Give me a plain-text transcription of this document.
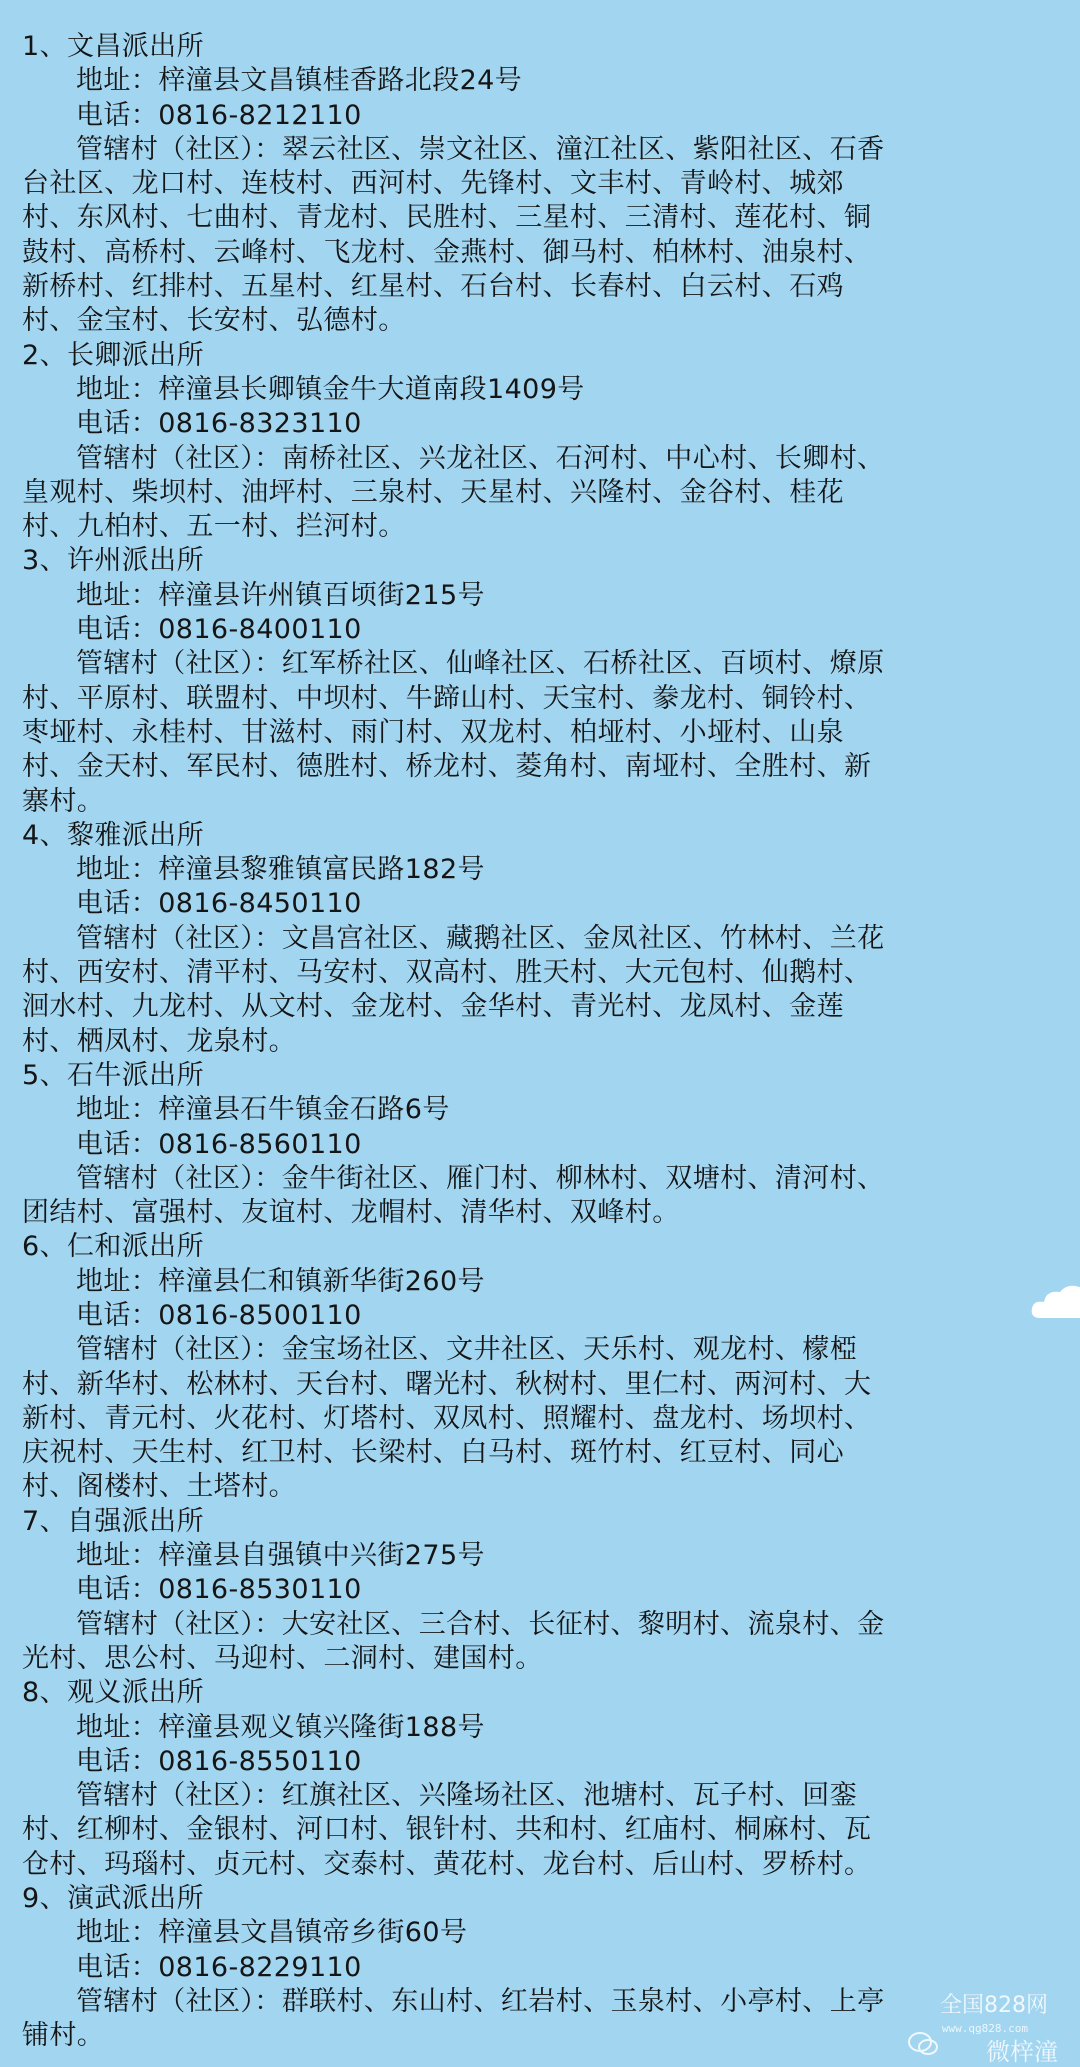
1、文昌派出所
地址：梓潼县文昌镇桂香路北段24号
电话：0816-8212110
管辖村（社区）：翠云社区、崇文社区、潼江社区、紫阳社区、石香
台社区、龙口村、连枝村、西河村、先锋村、文丰村、青岭村、城郊
村、东风村、七曲村、青龙村、民胜村、三星村、三清村、莲花村、铜
鼓村、高桥村、云峰村、飞龙村、金燕村、御马村、柏林村、油泉村、
新桥村、红排村、五星村、红星村、石台村、长春村、白云村、石鸡
村、金宝村、长安村、弘德村。
2、长卿派出所
地址：梓潼县长卿镇金牛大道南段1409号
电话：0816-8323110
管辖村（社区）：南桥社区、兴龙社区、石河村、中心村、长卿村、
皇观村、柴坝村、油坪村、三泉村、天星村、兴隆村、金谷村、桂花
村、九柏村、五一村、拦河村。
3、许州派出所
地址：梓潼县许州镇百顷街215号
电话：0816-8400110
管辖村（社区）：红军桥社区、仙峰社区、石桥社区、百顷村、燎原
村、平原村、联盟村、中坝村、牛蹄山村、天宝村、豢龙村、铜铃村、
枣垭村、永桂村、甘滋村、雨门村、双龙村、柏垭村、小垭村、山泉
村、金天村、军民村、德胜村、桥龙村、菱角村、南垭村、全胜村、新
寨村。
4、黎雅派出所
地址：梓潼县黎雅镇富民路182号
电话：0816-8450110
管辖村（社区）：文昌宫社区、藏鹅社区、金凤社区、竹林村、兰花
村、西安村、清平村、马安村、双高村、胜天村、大元包村、仙鹅村、
洄水村、九龙村、从文村、金龙村、金华村、青光村、龙凤村、金莲
村、栖凤村、龙泉村。
5、石牛派出所
地址：梓潼县石牛镇金石路6号
电话：0816-8560110
管辖村（社区）：金牛街社区、雁门村、柳林村、双塘村、清河村、
团结村、富强村、友谊村、龙帽村、清华村、双峰村。
6、仁和派出所
地址：梓潼县仁和镇新华街260号
电话：0816-8500110
管辖村（社区）：金宝场社区、文井社区、天乐村、观龙村、檬椏
村、新华村、松林村、天台村、曙光村、秋树村、里仁村、两河村、大
新村、青元村、火花村、灯塔村、双凤村、照耀村、盘龙村、场坝村、
庆祝村、天生村、红卫村、长梁村、白马村、斑竹村、红豆村、同心
村、阁楼村、土塔村。
7、自强派出所
地址：梓潼县自强镇中兴街275号
电话：0816-8530110
管辖村（社区）：大安社区、三合村、长征村、黎明村、流泉村、金
光村、思公村、马迎村、二洞村、建国村。
8、观义派出所
地址：梓潼县观义镇兴隆街188号
电话：0816-8550110
管辖村（社区）：红旗社区、兴隆场社区、池塘村、瓦子村、回銮
村、红柳村、金银村、河口村、银针村、共和村、红庙村、桐麻村、瓦
仓村、玛瑙村、贞元村、交泰村、黄花村、龙台村、后山村、罗桥村。
9、演武派出所
地址：梓潼县文昌镇帝乡街60号
电话：0816-8229110
管辖村（社区）：群联村、东山村、红岩村、玉泉村、小亭村、上亭
铺村。
全国828网
www.qg828.com
微梓潼
